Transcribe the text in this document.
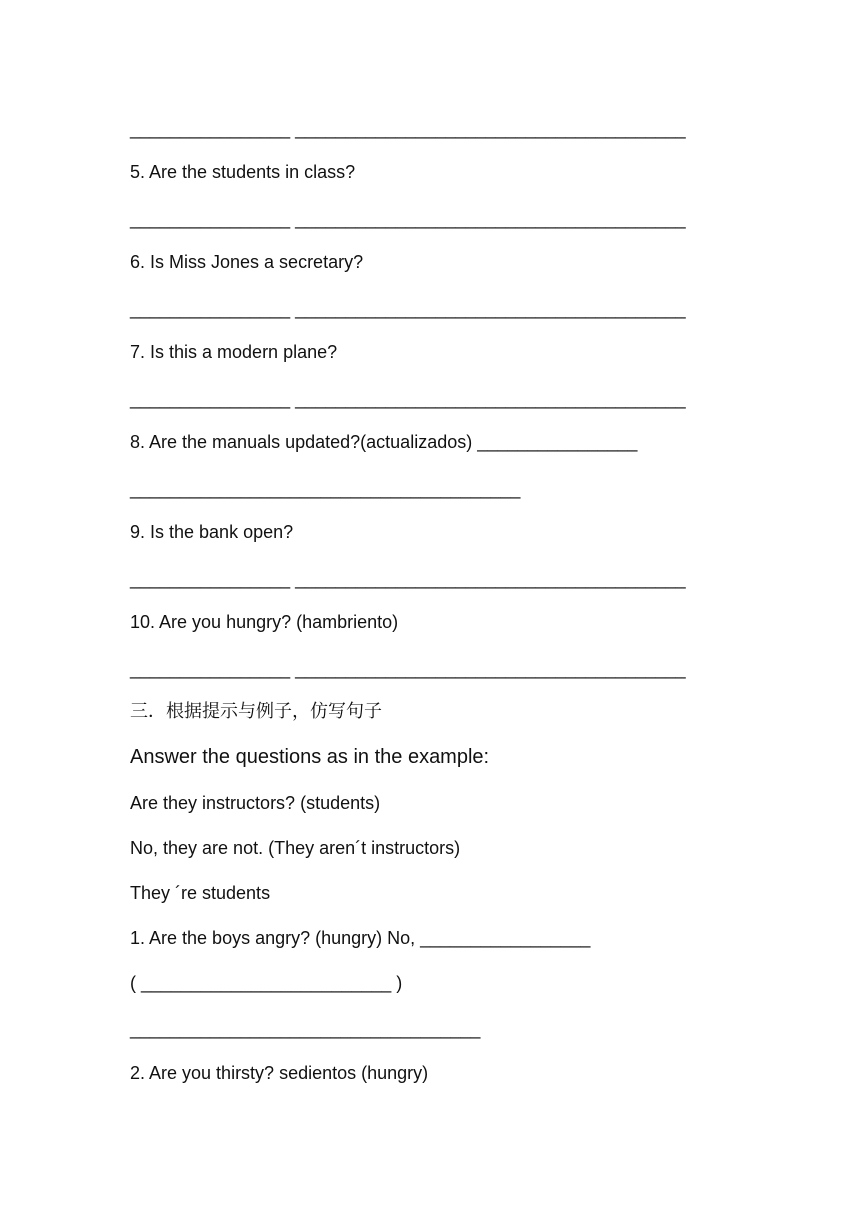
________________ _______________________________________
5. Are the students in class?
________________ _______________________________________
6. Is Miss Jones a secretary?
________________ _______________________________________
7. Is this a modern plane?
________________ _______________________________________
8. Are the manuals updated?(actualizados) ________________
_______________________________________
9. Is the bank open?
________________ _______________________________________
10. Are you hungry? (hambriento)
________________ _______________________________________
三．根据提示与例子，仿写句子
Answer the questions as in the example:
Are they instructors? (students)
No, they are not. (They aren´t instructors)
They ´re students
1. Are the boys angry? (hungry) No, _________________
( _________________________ )
___________________________________
2. Are you thirsty? sedientos (hungry)
